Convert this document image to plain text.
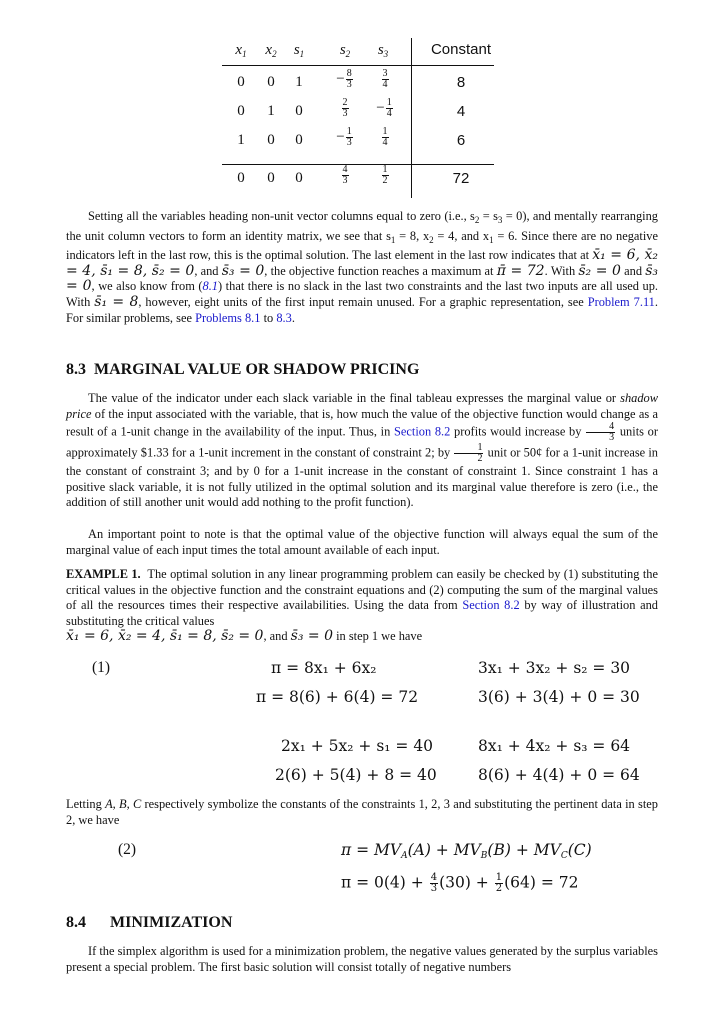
$x_1$	$x_2$	$s_1$	$s_2$	$s_3$	Constant
0	0	1	− $\frac{8}{3}$	$\frac{3}{4}$	8
0	1	0	$\frac{2}{3}$	− $\frac{1}{4}$	4
1	0	0	− $\frac{1}{3}$	$\frac{1}{4}$	6
0	0	0	$\frac{4}{3}$	$\frac{1}{2}$	72
Setting all the variables heading non-unit vector columns equal to zero (i.e., $s_2 = s_3 = 0$), and mentally rearranging the unit column vectors to form an identity matrix, we see that $s_1 = 8$, $x_2 = 4$, and $x_1 = 6$. Since there are no negative indicators left in the last row, this is the optimal solution. The last element in the last row indicates that at x̄₁ = 6, x̄₂ = 4, s̄₁ = 8, s̄₂ = 0, and s̄₃ = 0, the objective function reaches a maximum at π̄ = 72. With s̄₂ = 0 and s̄₃ = 0, we also know from (8.1) that there is no slack in the last two constraints and the last two inputs are all used up. With s̄₁ = 8, however, eight units of the first input remain unused. For a graphic representation, see Problem 7.11. For similar problems, see Problems 8.1 to 8.3.
8.3 MARGINAL VALUE OR SHADOW PRICING
The value of the indicator under each slack variable in the final tableau expresses the marginal value or shadow price of the input associated with the variable, that is, how much the value of the objective function would change as a result of a 1-unit change in the availability of the input. Thus, in Section 8.2 profits would increase by $\frac{4}{3}$ units or approximately $1.33 for a 1-unit increment in the constant of constraint 2; by $\frac{1}{2}$ unit or 50¢ for a 1-unit increase in the constant of constraint 3; and by 0 for a 1-unit increase in the constant of constraint 1. Since constraint 1 has a positive slack variable, it is not fully utilized in the optimal solution and its marginal value therefore is zero (i.e., the addition of still another unit would add nothing to the profit function).
An important point to note is that the optimal value of the objective function will always equal the sum of the marginal value of each input times the total amount available of each input.
EXAMPLE 1. The optimal solution in any linear programming problem can easily be checked by (1) substituting the critical values in the objective function and the constraint equations and (2) computing the sum of the marginal values of all the resources times their respective availabilities. Using the data from Section 8.2 by way of illustration and substituting the critical values
x̄₁ = 6, x̄₂ = 4, s̄₁ = 8, s̄₂ = 0, and s̄₃ = 0 in step 1 we have
(1)	π = 8x₁ + 6x₂
π = 8(6) + 6(4) = 72
3x₁ + 3x₂ + s₂ = 30
3(6) + 3(4) + 0 = 30
2x₁ + 5x₂ + s₁ = 40
2(6) + 5(4) + 8 = 40
8x₁ + 4x₂ + s₃ = 64
8(6) + 4(4) + 0 = 64
Letting A, B, C respectively symbolize the constants of the constraints 1, 2, 3 and substituting the pertinent data in step 2, we have
(2)	$\pi = MV_A(A) + MV_B(B) + MV_C(C)$
$\pi = 0(4) + \frac{4}{3} (30) + \frac{1}{2} (64) = 72$
8.4 MINIMIZATION
If the simplex algorithm is used for a minimization problem, the negative values generated by the surplus variables present a special problem. The first basic solution will consist totally of negative numbers
